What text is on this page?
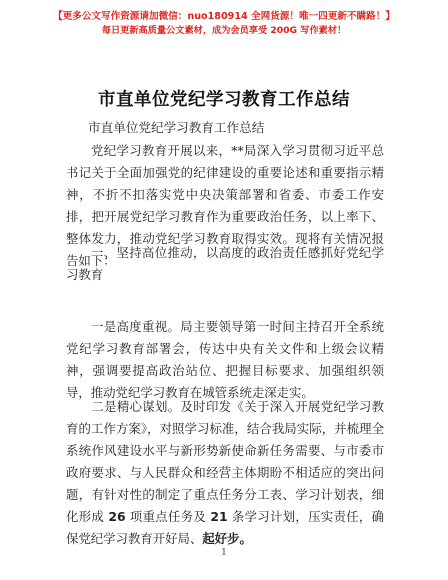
【更多公文写作资源请加微信：nuo180914 全网货源！唯一四更新不瞒路！】
每日更新高质量公文素材，成为会员享受 200G 写作素材！
市直单位党纪学习教育工作总结
市直单位党纪学习教育工作总结
党纪学习教育开展以来，**局深入学习贯彻习近平总书记关于全面加强党的纪律建设的重要论述和重要指示精神，不折不扣落实党中央决策部署和省委、市委工作安排，把开展党纪学习教育作为重要政治任务，以上率下、整体发力，推动党纪学习教育取得实效。现将有关情况报告如下：
一、坚持高位推动，以高度的政治责任感抓好党纪学习教育
一是高度重视。局主要领导第一时间主持召开全系统党纪学习教育部署会，传达中央有关文件和上级会议精神，强调要提高政治站位、把握目标要求、加强组织领导，推动党纪学习教育在城管系统走深走实。
二是精心谋划。及时印发《关于深入开展党纪学习教育的工作方案》，对照学习标准，结合我局实际，并梳理全系统作风建设水平与新形势新使命新任务需要、与市委市政府要求、与人民群众和经营主体期盼不相适应的突出问题，有针对性的制定了重点任务分工表、学习计划表，细化形成 26 项重点任务及 21 条学习计划，压实责任，确保党纪学习教育开好局、起好步。
1
